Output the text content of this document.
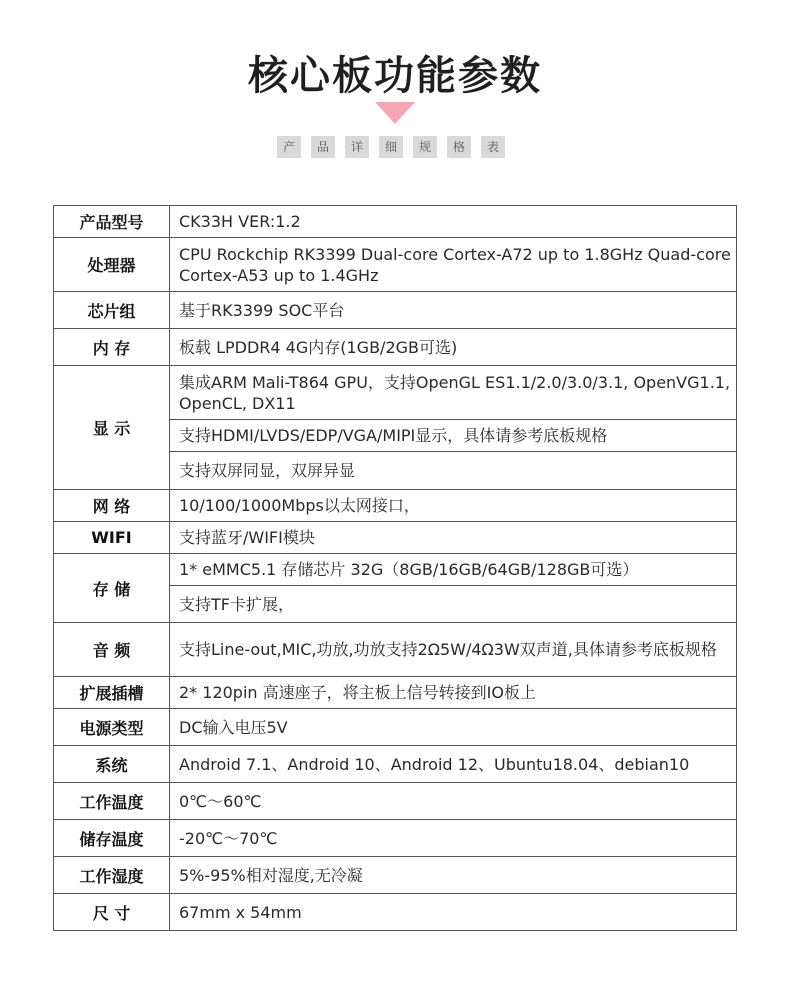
核心板功能参数
产	品	详	细	规	格	表
产品型号	CK33H VER:1.2
处理器	CPU Rockchip RK3399 Dual-core Cortex-A72 up to 1.8GHz Quad-core Cortex-A53 up to 1.4GHz
芯片组	基于RK3399 SOC平台
内 存	板载 LPDDR4 4G内存(1GB/2GB可选)
显 示	集成ARM Mali-T864 GPU，支持OpenGL ES1.1/2.0/3.0/3.1, OpenVG1.1, OpenCL, DX11
	支持HDMI/LVDS/EDP/VGA/MIPI显示，具体请参考底板规格
	支持双屏同显，双屏异显
网 络	10/100/1000Mbps以太网接口，
WIFI	支持蓝牙/WIFI模块
存 储	1* eMMC5.1 存储芯片 32G（8GB/16GB/64GB/128GB可选）
	支持TF卡扩展，
音 频	支持Line-out,MIC,功放,功放支持2Ω5W/4Ω3W双声道,具体请参考底板规格
扩展插槽	2* 120pin 高速座子，将主板上信号转接到IO板上
电源类型	DC输入电压5V
系统	Android 7.1、Android 10、Android 12、Ubuntu18.04、debian10
工作温度	0℃～60℃
储存温度	-20℃～70℃
工作湿度	5%-95%相对湿度,无冷凝
尺 寸	67mm x 54mm
